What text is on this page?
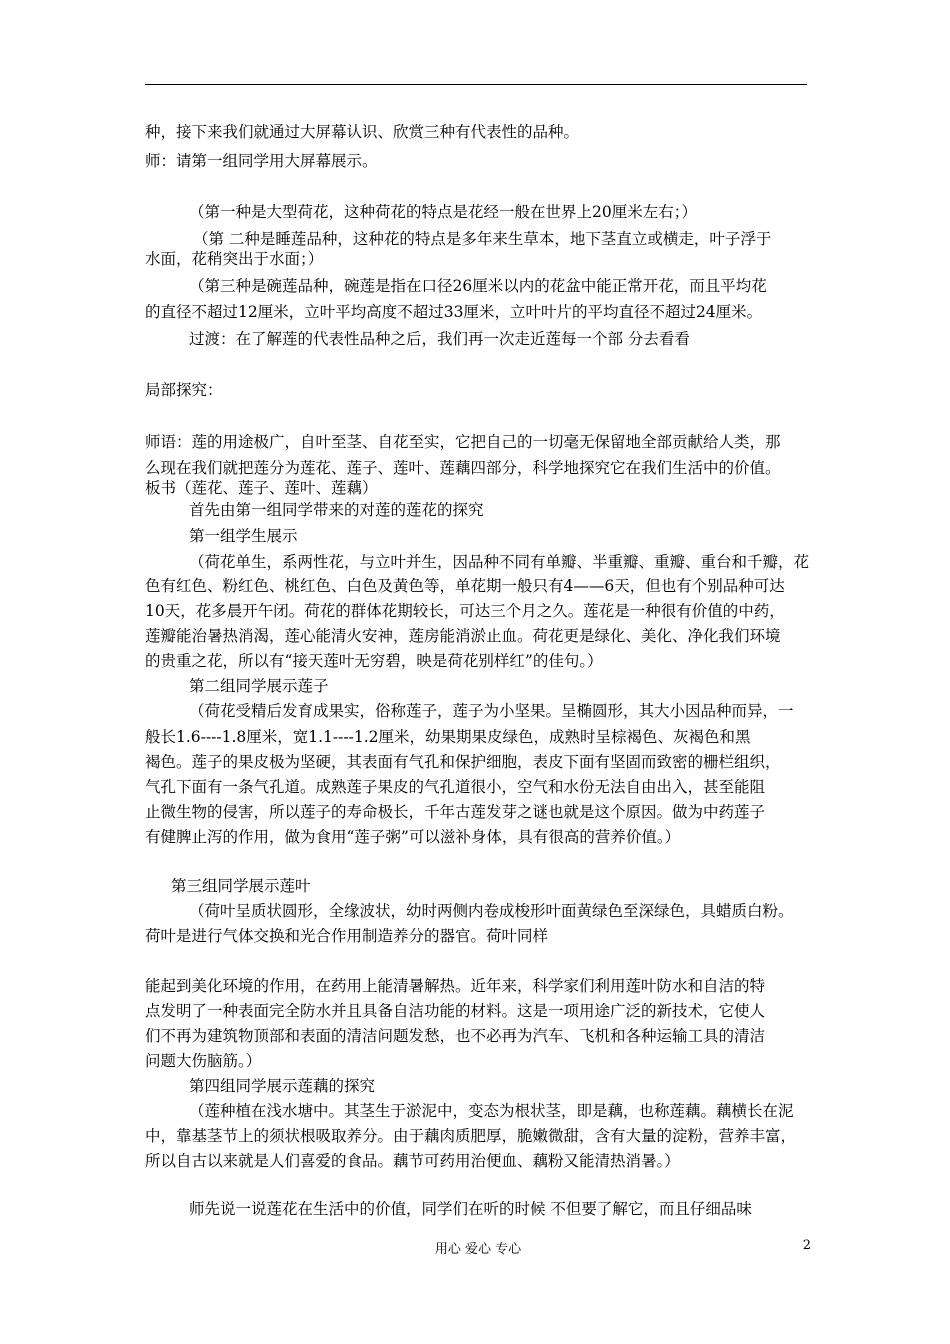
种，接下来我们就通过大屏幕认识、欣赏三种有代表性的品种。
师：请第一组同学用大屏幕展示。
（第一种是大型荷花，这种荷花的特点是花经一般在世界上20厘米左右；）
（第 二种是睡莲品种，这种花的特点是多年来生草本，地下茎直立或横走，叶子浮于
水面，花稍突出于水面；）
（第三种是碗莲品种，碗莲是指在口径26厘米以内的花盆中能正常开花，而且平均花
的直径不超过12厘米，立叶平均高度不超过33厘米，立叶叶片的平均直径不超过24厘米。
过渡：在了解莲的代表性品种之后，我们再一次走近莲每一个部 分去看看
局部探究：
师语：莲的用途极广，自叶至茎、自花至实，它把自己的一切毫无保留地全部贡献给人类，那
么现在我们就把莲分为莲花、莲子、莲叶、莲藕四部分，科学地探究它在我们生活中的价值。
板书（莲花、莲子、莲叶、莲藕）
首先由第一组同学带来的对莲的莲花的探究
第一组学生展示
（荷花单生，系两性花，与立叶并生，因品种不同有单瓣、半重瓣、重瓣、重台和千瓣，花
色有红色、粉红色、桃红色、白色及黄色等，单花期一般只有4——6天，但也有个别品种可达
10天，花多晨开午闭。荷花的群体花期较长，可达三个月之久。莲花是一种很有价值的中药，
莲瓣能治暑热消渴，莲心能清火安神，莲房能消淤止血。荷花更是绿化、美化、净化我们环境
的贵重之花，所以有“接天莲叶无穷碧，映是荷花别样红”的佳句。）
第二组同学展示莲子
（荷花受精后发育成果实，俗称莲子，莲子为小坚果。呈椭圆形，其大小因品种而异，一
般长1.6----1.8厘米，宽1.1----1.2厘米，幼果期果皮绿色，成熟时呈棕褐色、灰褐色和黑
褐色。莲子的果皮极为坚硬，其表面有气孔和保护细胞，表皮下面有坚固而致密的栅栏组织，
气孔下面有一条气孔道。成熟莲子果皮的气孔道很小，空气和水份无法自由出入，甚至能阻
止微生物的侵害，所以莲子的寿命极长，千年古莲发芽之谜也就是这个原因。做为中药莲子
有健脾止泻的作用，做为食用“莲子粥”可以滋补身体，具有很高的营养价值。）
第三组同学展示莲叶
（荷叶呈质状圆形，全缘波状，幼时两侧内卷成梭形叶面黄绿色至深绿色，具蜡质白粉。
荷叶是进行气体交换和光合作用制造养分的器官。荷叶同样
能起到美化环境的作用，在药用上能清暑解热。近年来，科学家们利用莲叶防水和自洁的特
点发明了一种表面完全防水并且具备自洁功能的材料。这是一项用途广泛的新技术，它使人
们不再为建筑物顶部和表面的清洁问题发愁，也不必再为汽车、飞机和各种运输工具的清洁
问题大伤脑筋。）
第四组同学展示莲藕的探究
（莲种植在浅水塘中。其茎生于淤泥中，变态为根状茎，即是藕，也称莲藕。藕横长在泥
中，靠基茎节上的须状根吸取养分。由于藕肉质肥厚，脆嫩微甜，含有大量的淀粉，营养丰富，
所以自古以来就是人们喜爱的食品。藕节可药用治便血、藕粉又能清热消暑。）
师先说一说莲花在生活中的价值，同学们在听的时候 不但要了解它，而且仔细品味
用心 爱心 专心	2
